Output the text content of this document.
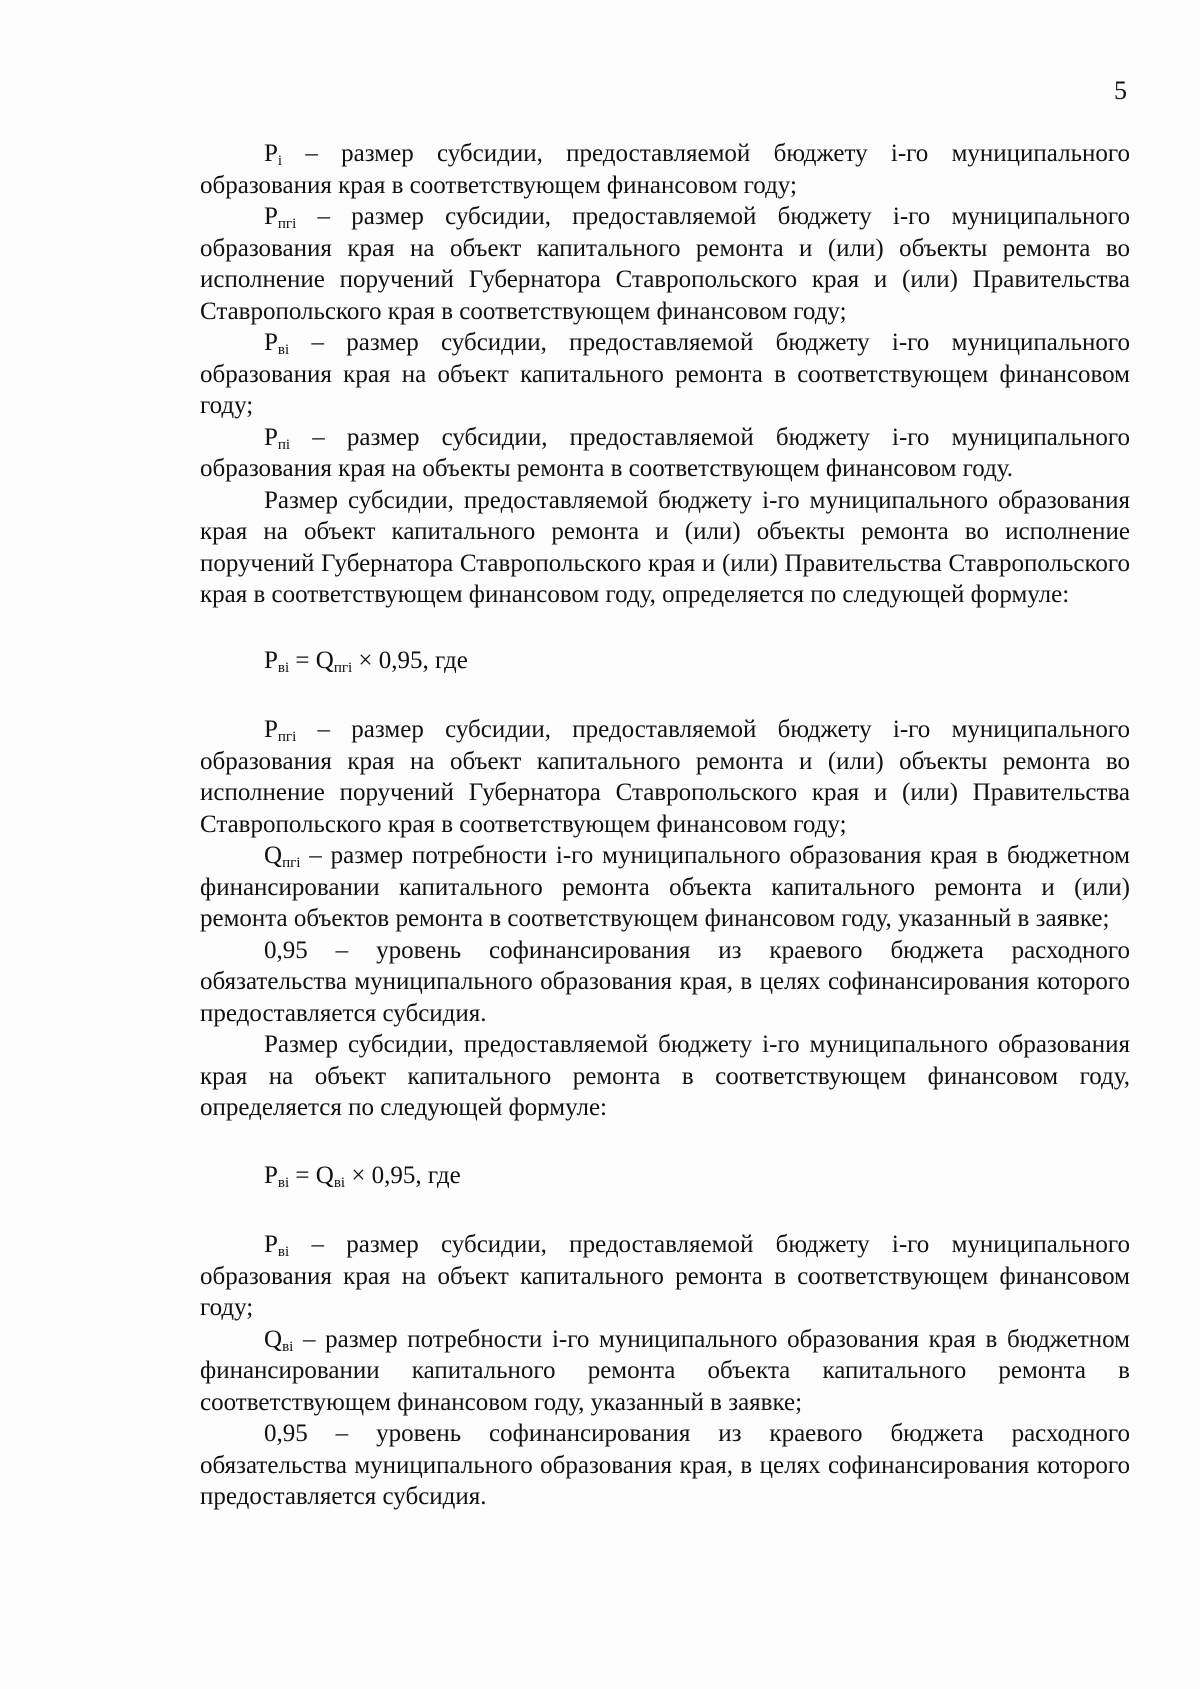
5

$P_i$ – размер субсидии, предоставляемой бюджету i-го муниципального образования края в соответствующем финансовом году;

$P_{пгi}$ – размер субсидии, предоставляемой бюджету i-го муниципального образования края на объект капитального ремонта и (или) объекты ремонта во исполнение поручений Губернатора Ставропольского края и (или) Правительства Ставропольского края в соответствующем финансовом году;

$P_{вi}$ – размер субсидии, предоставляемой бюджету i-го муниципального образования края на объект капитального ремонта в соответствующем финансовом году;

$P_{пi}$ – размер субсидии, предоставляемой бюджету i-го муниципального образования края на объекты ремонта в соответствующем финансовом году.

Размер субсидии, предоставляемой бюджету i-го муниципального образования края на объект капитального ремонта и (или) объекты ремонта во исполнение поручений Губернатора Ставропольского края и (или) Правительства Ставропольского края в соответствующем финансовом году, определяется по следующей формуле:

$P_{вi} = Q_{пгi} \times 0,95$, где

$P_{пгi}$ – размер субсидии, предоставляемой бюджету i-го муниципального образования края на объект капитального ремонта и (или) объекты ремонта во исполнение поручений Губернатора Ставропольского края и (или) Правительства Ставропольского края в соответствующем финансовом году;

$Q_{пгi}$ – размер потребности i-го муниципального образования края в бюджетном финансировании капитального ремонта объекта капитального ремонта и (или) ремонта объектов ремонта в соответствующем финансовом году, указанный в заявке;

0,95 – уровень софинансирования из краевого бюджета расходного обязательства муниципального образования края, в целях софинансирования которого предоставляется субсидия.

Размер субсидии, предоставляемой бюджету i-го муниципального образования края на объект капитального ремонта в соответствующем финансовом году, определяется по следующей формуле:

$P_{вi} = Q_{вi} \times 0,95$, где

$P_{вi}$ – размер субсидии, предоставляемой бюджету i-го муниципального образования края на объект капитального ремонта в соответствующем финансовом году;

$Q_{вi}$ – размер потребности i-го муниципального образования края в бюджетном финансировании капитального ремонта объекта капитального ремонта в соответствующем финансовом году, указанный в заявке;

0,95 – уровень софинансирования из краевого бюджета расходного обязательства муниципального образования края, в целях софинансирования которого предоставляется субсидия.
